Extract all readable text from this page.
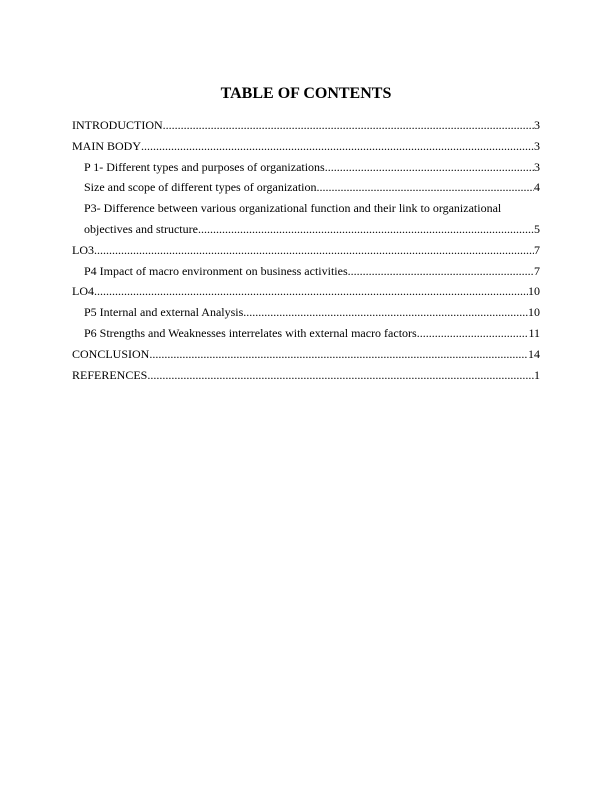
TABLE OF CONTENTS
INTRODUCTION .....	3
MAIN BODY .....	3
P 1- Different types and purposes of organizations .....	3
Size and scope of different types of organization .....	4
P3- Difference between various organizational function and their link to organizational
objectives and structure .....	5
LO3 .....	7
P4 Impact of macro environment on business activities .....	7
LO4 .....	10
P5 Internal and external Analysis .....	10
P6 Strengths and Weaknesses interrelates with external macro factors .....	11
CONCLUSION .....	14
REFERENCES .....	1
